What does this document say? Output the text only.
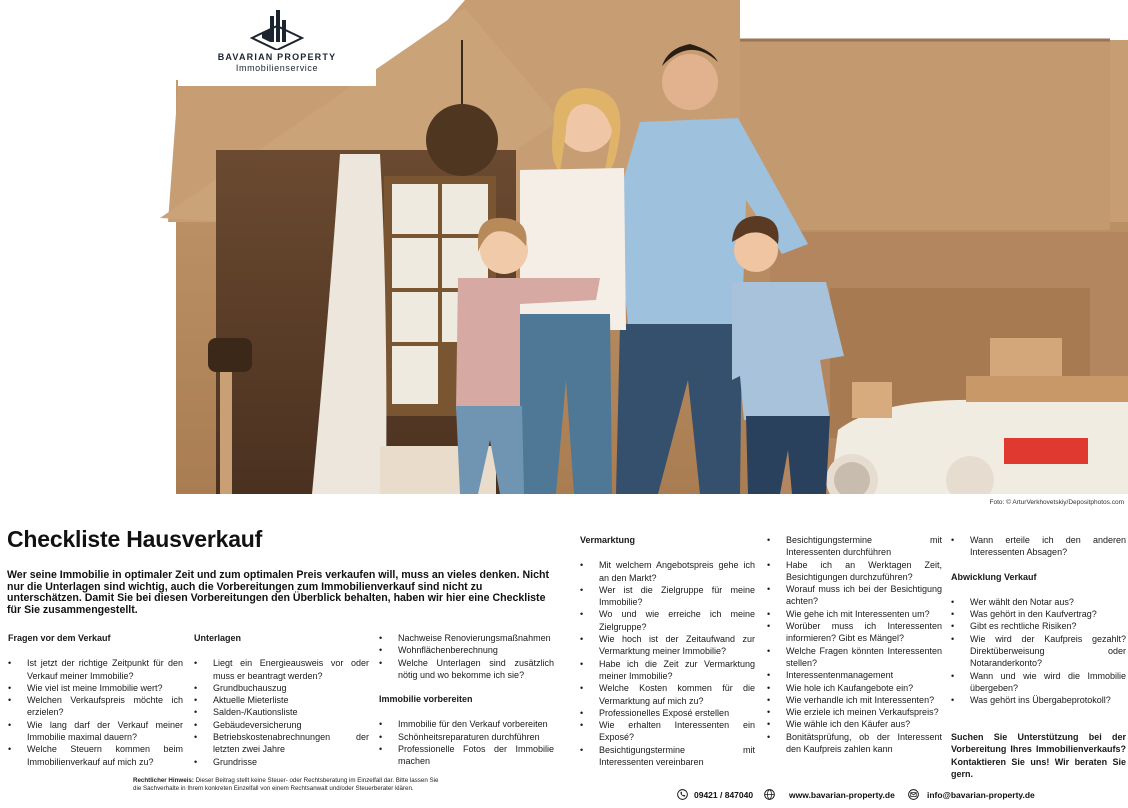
BAVARIAN PROPERTY
Immobilienservice
Foto: © ArturVerkhovetskiy/Depositphotos.com
Checkliste Hausverkauf

Wer seine Immobilie in optimaler Zeit und zum optimalen Preis verkaufen will, muss an vieles denken. Nicht nur die Unterlagen sind wichtig, auch die Vorbereitungen zum Immobilienverkauf sind nicht zu unterschätzen. Damit Sie bei diesen Vorbereitungen den Überblick behalten, haben wir hier eine Checkliste für Sie zusammengestellt.

Fragen vor dem Verkauf
• Ist jetzt der richtige Zeitpunkt für den Verkauf meiner Immobilie?
• Wie viel ist meine Immobilie wert?
• Welchen Verkaufspreis möchte ich erzielen?
• Wie lang darf der Verkauf meiner Immobilie maximal dauern?
• Welche Steuern kommen beim Immobilienverkauf auf mich zu?
Unterlagen
• Liegt ein Energieausweis vor oder muss er beantragt werden?
• Grundbuchauszug
• Aktuelle Mieterliste
• Salden-/Kautionsliste
• Gebäudeversicherung
• Betriebskostenabrechnungen der letzten zwei Jahre
• Grundrisse
• Nachweise Renovierungsmaßnahmen
• Wohnflächenberechnung
• Welche Unterlagen sind zusätzlich nötig und wo bekomme ich sie?
Immobilie vorbereiten
• Immobilie für den Verkauf vorbereiten
• Schönheitsreparaturen durchführen
• Professionelle Fotos der Immobilie machen
Vermarktung
• Mit welchem Angebotspreis gehe ich an den Markt?
• Wer ist die Zielgruppe für meine Immobilie?
• Wo und wie erreiche ich meine Zielgruppe?
• Wie hoch ist der Zeitaufwand zur Vermarktung meiner Immobilie?
• Habe ich die Zeit zur Vermarktung meiner Immobilie?
• Welche Kosten kommen für die Vermarktung auf mich zu?
• Professionelles Exposé erstellen
• Wie erhalten Interessenten ein Exposé?
• Besichtigungstermine mit Interessenten vereinbaren
• Besichtigungstermine mit Interessenten durchführen
• Habe ich an Werktagen Zeit, Besichtigungen durchzuführen?
• Worauf muss ich bei der Besichtigung achten?
• Wie gehe ich mit Interessenten um?
• Worüber muss ich Interessenten informieren? Gibt es Mängel?
• Welche Fragen könnten Interessenten stellen?
• Interessentenmanagement
• Wie hole ich Kaufangebote ein?
• Wie verhandle ich mit Interessenten?
• Wie erziele ich meinen Verkaufspreis?
• Wie wähle ich den Käufer aus?
• Bonitätsprüfung, ob der Interessent den Kaufpreis zahlen kann
• Wann erteile ich den anderen Interessenten Absagen?
Abwicklung Verkauf
• Wer wählt den Notar aus?
• Was gehört in den Kaufvertrag?
• Gibt es rechtliche Risiken?
• Wie wird der Kaufpreis gezahlt? Direktüberweisung oder Notaranderkonto?
• Wann und wie wird die Immobilie übergeben?
• Was gehört ins Übergabeprotokoll?

Suchen Sie Unterstützung bei der Vorbereitung Ihres Immobilienverkaufs? Kontaktieren Sie uns! Wir beraten Sie gern.

Rechtlicher Hinweis: Dieser Beitrag stellt keine Steuer- oder Rechtsberatung im Einzelfall dar. Bitte lassen Sie die Sachverhalte in Ihrem konkreten Einzelfall von einem Rechtsanwalt und/oder Steuerberater klären.

09421 / 847040	www.bavarian-property.de	info@bavarian-property.de
